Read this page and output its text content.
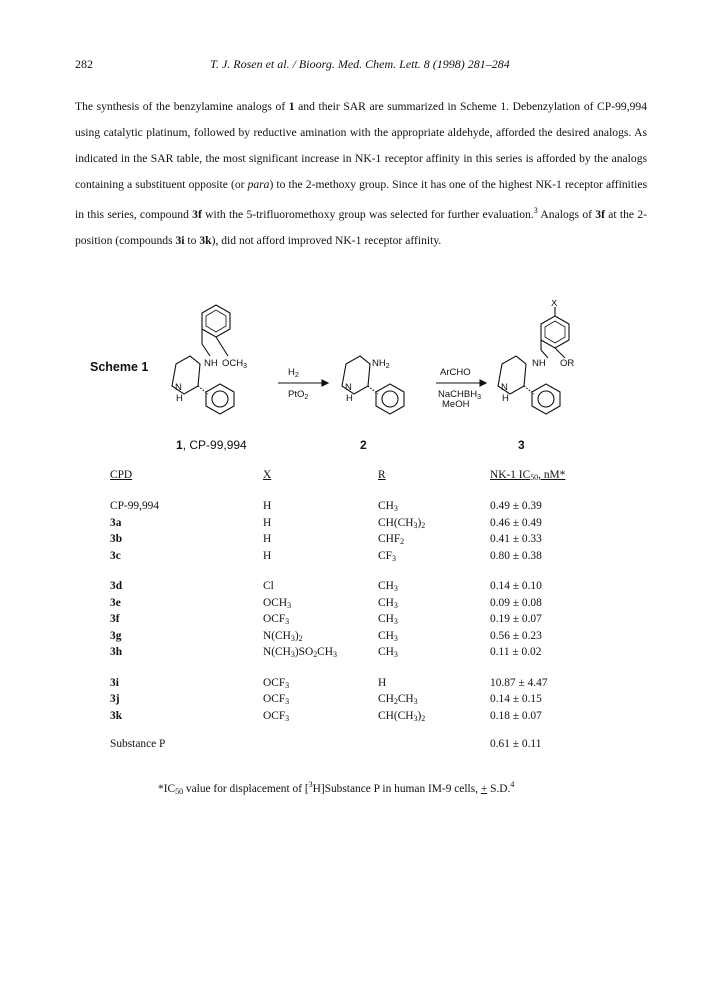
282	T. J. Rosen et al. / Bioorg. Med. Chem. Lett. 8 (1998) 281–284

The synthesis of the benzylamine analogs of 1 and their SAR are summarized in Scheme 1. Debenzylation of CP-99,994 using catalytic platinum, followed by reductive amination with the appropriate aldehyde, afforded the desired analogs. As indicated in the SAR table, the most significant increase in NK-1 receptor affinity in this series is afforded by the analogs containing a substituent opposite (or para) to the 2-methoxy group. Since it has one of the highest NK-1 receptor affinities in this series, compound 3f with the 5-trifluoromethoxy group was selected for further evaluation.$^3$ Analogs of 3f at the 2-position (compounds 3i to 3k), did not afford improved NK-1 receptor affinity.

Scheme 1	NH $OCH_3$
N
H
$H_2$
PtO$_2$
$NH_2$
N
H
ArCHO
NaCHBH$_3$
MeOH
X
NH OR
N
H
1, CP-99,994	2	3
CPD	X	R	NK-1 $IC_{50}$, nM*
CP-99,994	H	$CH_3$	0.49 ± 0.39
3a	H	$CH(CH_3)_2$	0.46 ± 0.49
3b	H	$CHF_2$	0.41 ± 0.33
3c	H	$CF_3$	0.80 ± 0.38

3d	Cl	$CH_3$	0.14 ± 0.10
3e	$OCH_3$	$CH_3$	0.09 ± 0.08
3f	$OCF_3$	$CH_3$	0.19 ± 0.07
3g	$N(CH_3)_2$	$CH_3$	0.56 ± 0.23
3h	$N(CH_3)SO_2CH_3$	$CH_3$	0.11 ± 0.02

3i	$OCF_3$	H	10.87 ± 4.47
3j	$OCF_3$	$CH_2CH_3$	0.14 ± 0.15
3k	$OCF_3$	$CH(CH_3)_2$	0.18 ± 0.07

Substance P			0.61 ± 0.11
$*IC_{50}$ value for displacement of [$^3$H]Substance P in human IM-9 cells, + S.D.$^4$
